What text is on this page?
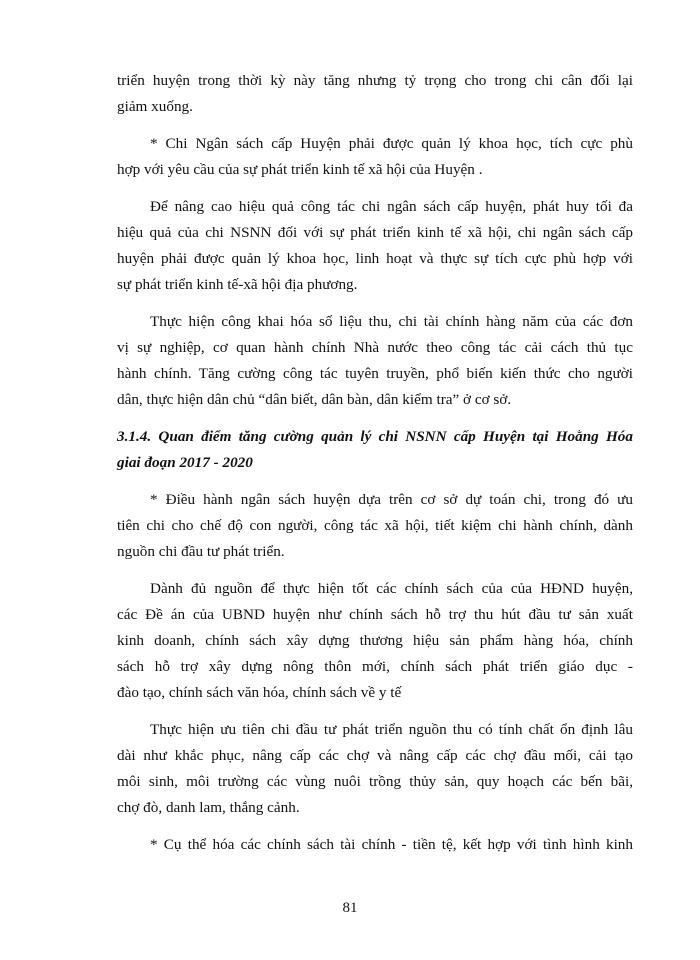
triển huyện trong thời kỳ này tăng nhưng tỷ trọng cho trong chi cân đối lại
giảm xuống.
* Chi Ngân sách cấp Huyện phải được quản lý khoa học, tích cực phù
hợp với yêu cầu của sự phát triển kinh tế xã hội của Huyện .
Để nâng cao hiệu quả công tác chi ngân sách cấp huyện, phát huy tối đa
hiệu quả của chi NSNN đối với sự phát triển kinh tế xã hội, chi ngân sách cấp
huyện phải được quản lý khoa học, linh hoạt và thực sự tích cực phù hợp với
sự phát triển kinh tế-xã hội địa phương.
Thực hiện công khai hóa số liệu thu, chi tài chính hàng năm của các đơn
vị sự nghiệp, cơ quan hành chính Nhà nước theo công tác cải cách thủ tục
hành chính. Tăng cường công tác tuyên truyền, phổ biến kiến thức cho người
dân, thực hiện dân chủ “dân biết, dân bàn, dân kiểm tra” ở cơ sở.
3.1.4. Quan điểm tăng cường quản lý chi NSNN cấp Huyện tại Hoằng Hóa
giai đoạn 2017 - 2020
* Điều hành ngân sách huyện dựa trên cơ sở dự toán chi, trong đó ưu
tiên chi cho chế độ con người, công tác xã hội, tiết kiệm chi hành chính, dành
nguồn chi đầu tư phát triển.
Dành đủ nguồn để thực hiện tốt các chính sách của của HĐND huyện,
các Đề án của UBND huyện như chính sách hỗ trợ thu hút đầu tư sản xuất
kinh doanh, chính sách xây dựng thương hiệu sản phẩm hàng hóa, chính
sách hỗ trợ xây dựng nông thôn mới, chính sách phát triển giáo dục -
đào tạo, chính sách văn hóa, chính sách về y tế
Thực hiện ưu tiên chi đầu tư phát triển nguồn thu có tính chất ổn định lâu
dài như khắc phục, nâng cấp các chợ và nâng cấp các chợ đầu mối, cải tạo
môi sinh, môi trường các vùng nuôi trồng thủy sản, quy hoạch các bến bãi,
chợ đò, danh lam, thắng cảnh.
* Cụ thể hóa các chính sách tài chính - tiền tệ, kết hợp với tình hình kinh
81
